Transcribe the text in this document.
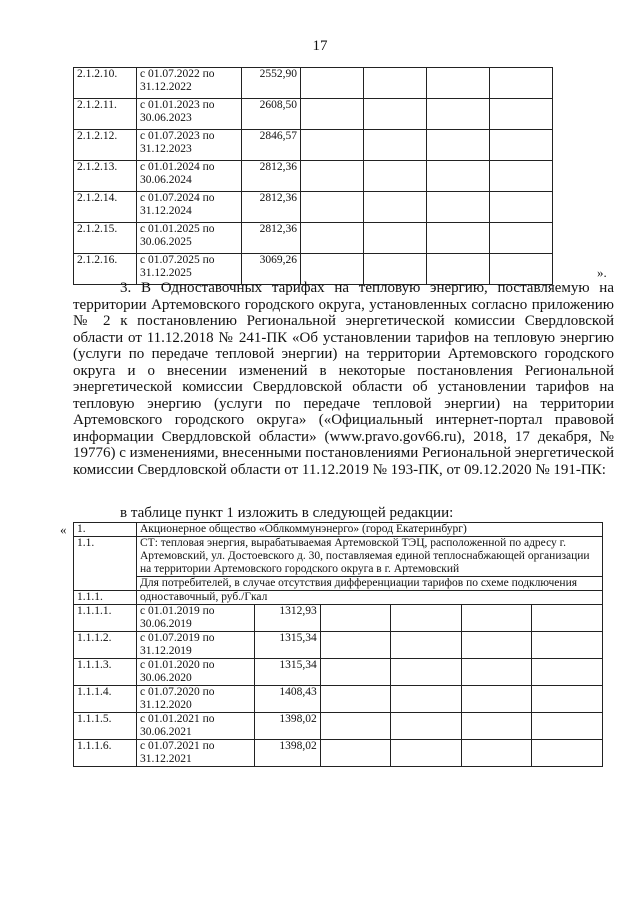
17
2.1.2.10.	с 01.07.2022 по
31.12.2022	2552,90				
2.1.2.11.	с 01.01.2023 по
30.06.2023	2608,50				
2.1.2.12.	с 01.07.2023 по
31.12.2023	2846,57				
2.1.2.13.	с 01.01.2024 по
30.06.2024	2812,36				
2.1.2.14.	с 01.07.2024 по
31.12.2024	2812,36				
2.1.2.15.	с 01.01.2025 по
30.06.2025	2812,36				
2.1.2.16.	с 01.07.2025 по
31.12.2025	3069,26				
».

3. В Одноставочных тарифах на тепловую энергию, поставляемую на территории Артемовского городского округа, установленных согласно приложению № 2 к постановлению Региональной энергетической комиссии Свердловской области от 11.12.2018 № 241-ПК «Об установлении тарифов на тепловую энергию (услуги по передаче тепловой энергии) на территории Артемовского городского округа и о внесении изменений в некоторые постановления Региональной энергетической комиссии Свердловской области об установлении тарифов на тепловую энергию (услуги по передаче тепловой энергии) на территории Артемовского городского округа» («Официальный интернет-портал правовой информации Свердловской области» (www.pravo.gov66.ru), 2018, 17 декабря, № 19776) с изменениями, внесенными постановлениями Региональной энергетической комиссии Свердловской области от 11.12.2019 № 193-ПК, от 09.12.2020 № 191-ПК:

в таблице пункт 1 изложить в следующей редакции:
« 1.	Акционерное общество «Облкоммунэнерго» (город Екатеринбург)					
1.1.	СТ: тепловая энергия, вырабатываемая Артемовской ТЭЦ, расположенной по адресу г. Артемовский, ул. Достоевского д. 30, поставляемая единой теплоснабжающей организации на территории Артемовского городского округа в г. Артемовский					
	Для потребителей, в случае отсутствия дифференциации тарифов по схеме подключения					
1.1.1.	одноставочный, руб./Гкал					
1.1.1.1.	с 01.01.2019 по
30.06.2019	1312,93				
1.1.1.2.	с 01.07.2019 по
31.12.2019	1315,34				
1.1.1.3.	с 01.01.2020 по
30.06.2020	1315,34				
1.1.1.4.	с 01.07.2020 по
31.12.2020	1408,43				
1.1.1.5.	с 01.01.2021 по
30.06.2021	1398,02				
1.1.1.6.	с 01.07.2021 по
31.12.2021	1398,02				
